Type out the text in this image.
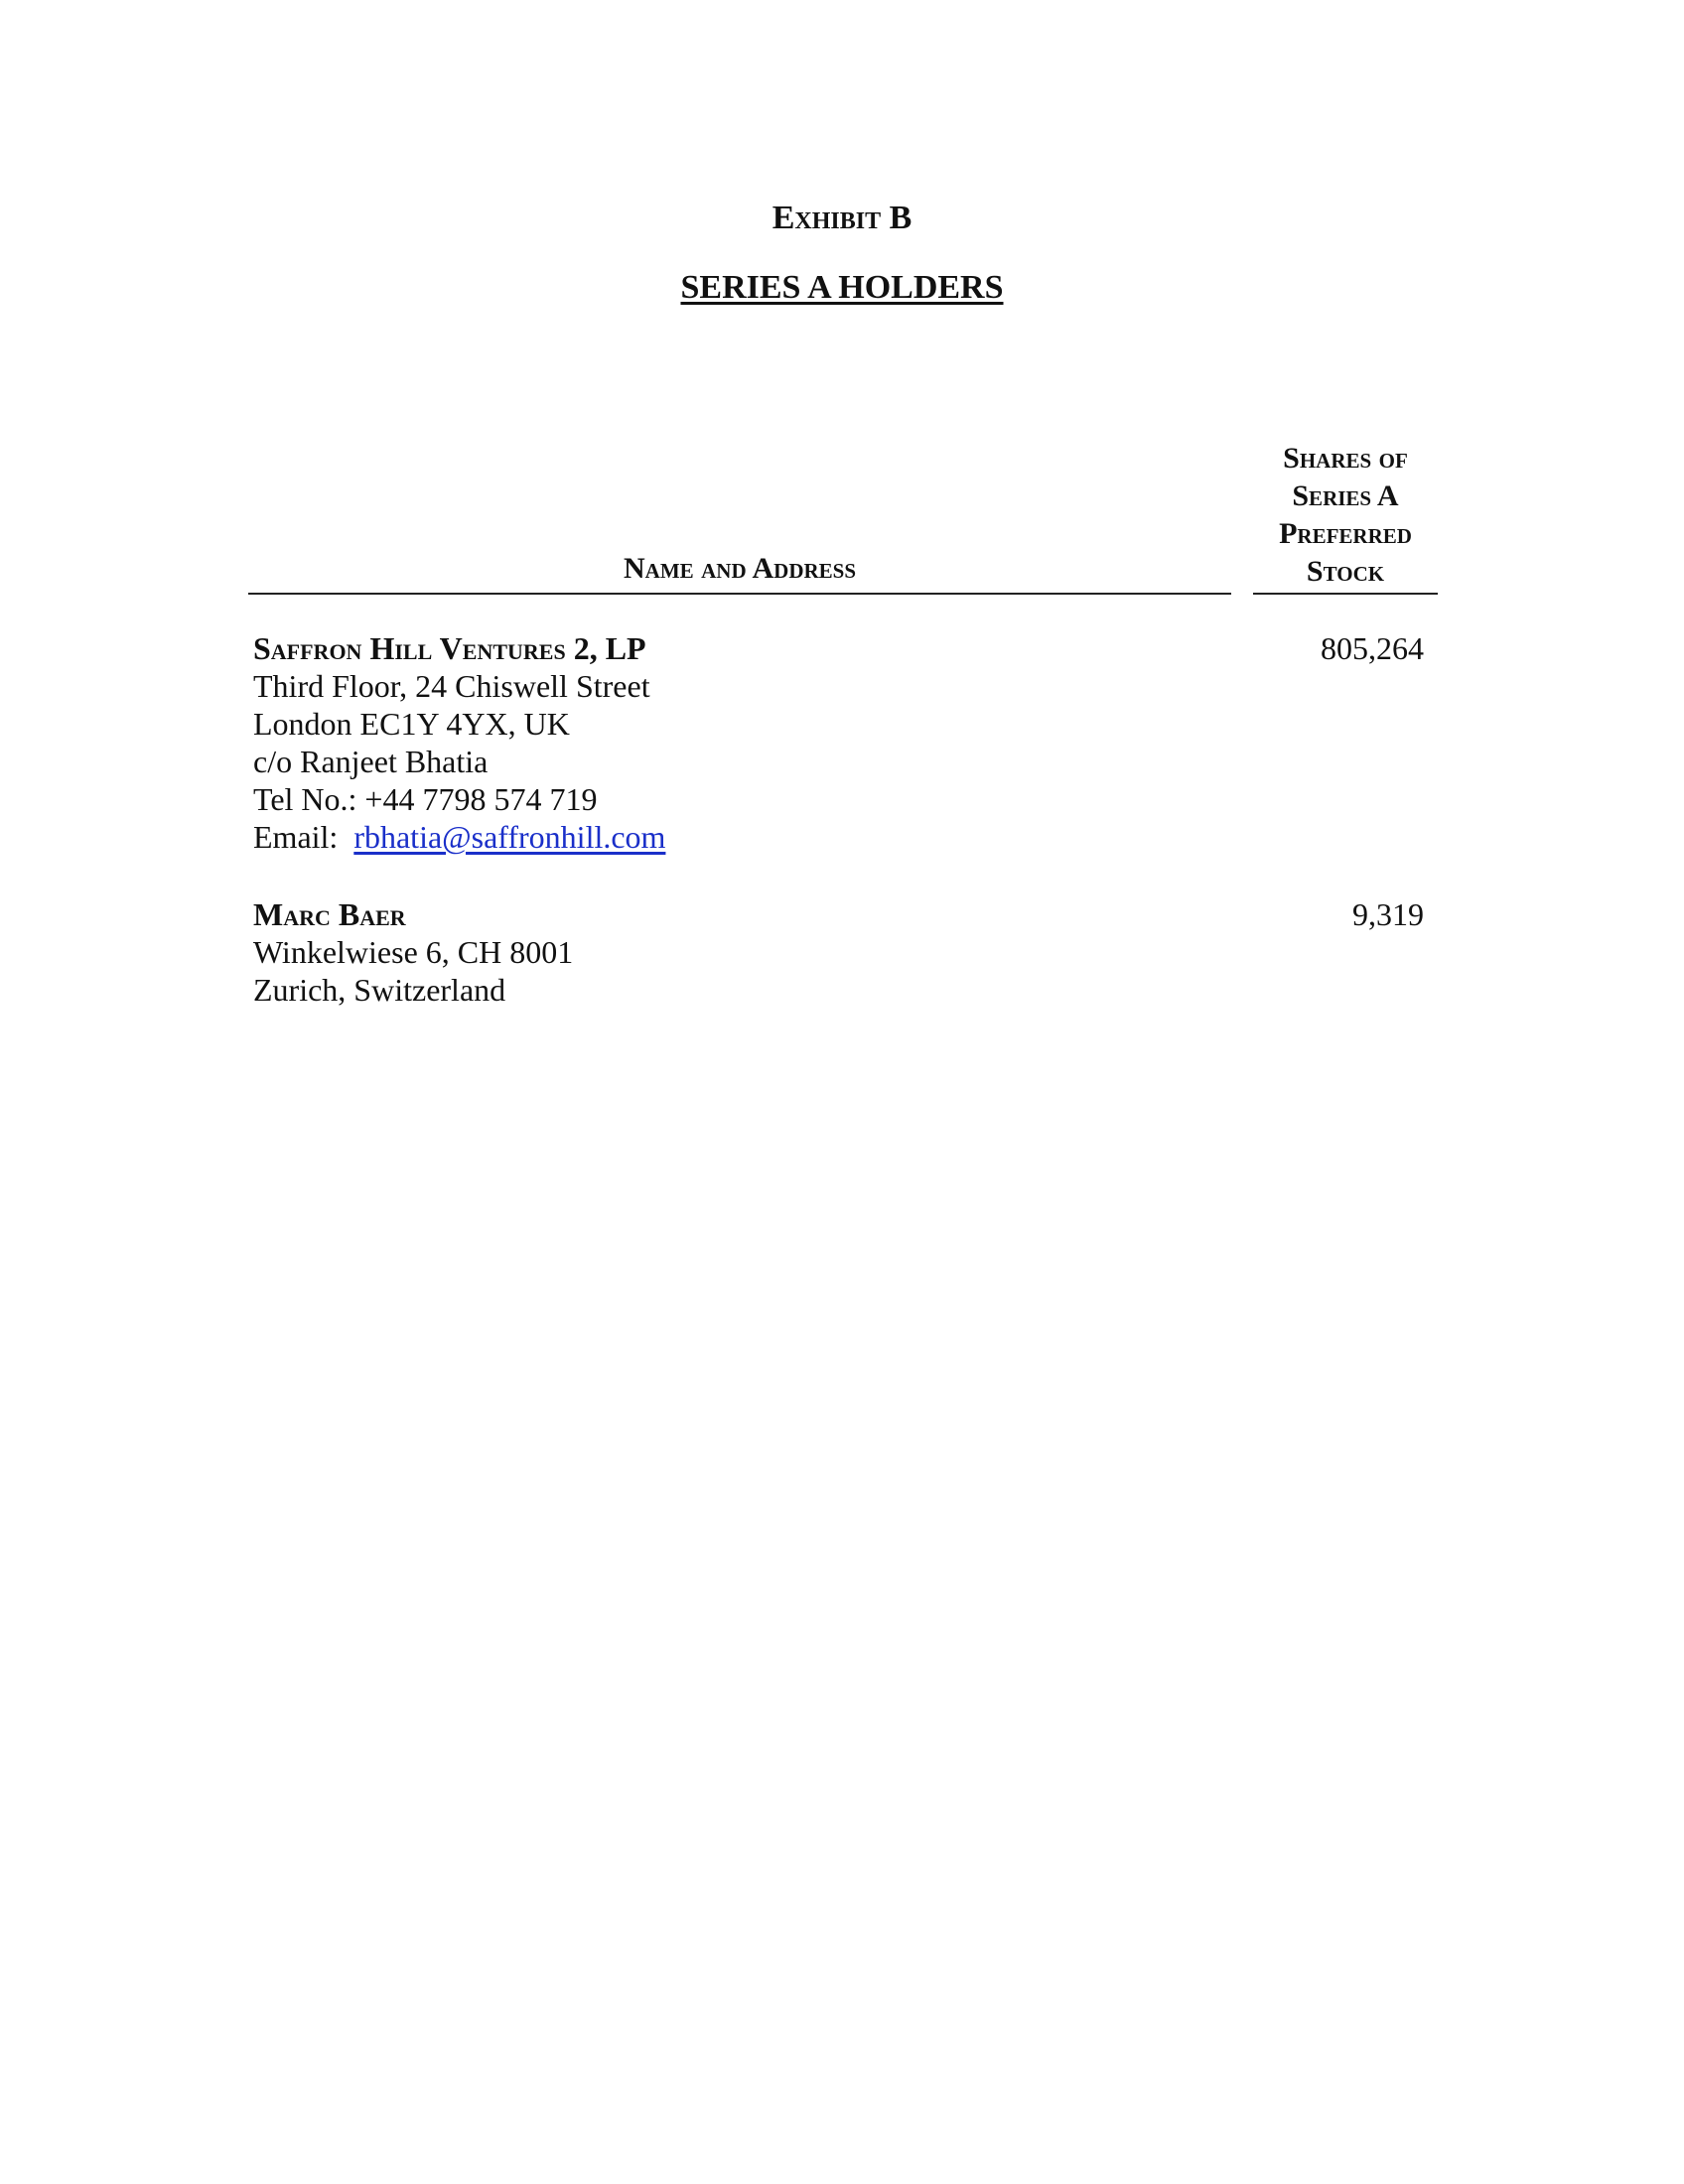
Exhibit B
SERIES A HOLDERS
Shares of
Series A
Preferred
Stock
Name and Address
Saffron Hill Ventures 2, LP
Third Floor, 24 Chiswell Street
London EC1Y 4YX, UK
c/o Ranjeet Bhatia
Tel No.: +44 7798 574 719
Email: rbhatia@saffronhill.com
805,264
Marc Baer
Winkelwiese 6, CH 8001
Zurich, Switzerland
9,319
